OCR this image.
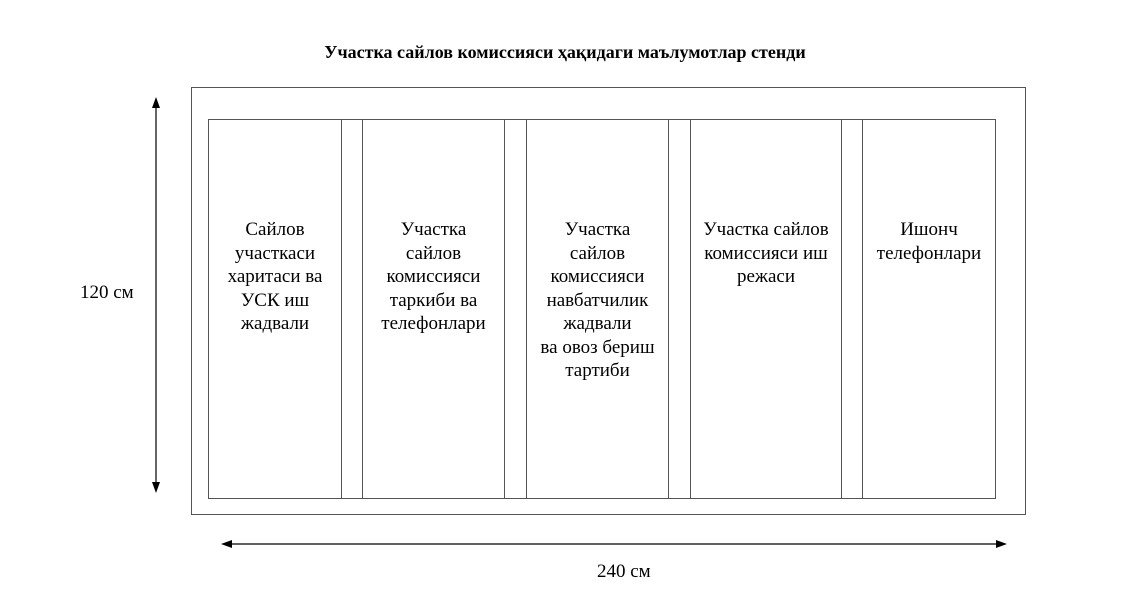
Участка сайлов комиссияси ҳақидаги маълумотлар стенди
Сайлов
участкаси
харитаси ва
УСК иш
жадвали
Участка
сайлов
комиссияси
таркиби ва
телефонлари
Участка
сайлов
комиссияси
навбатчилик
жадвали
ва овоз бериш
тартиби
Участка сайлов
комиссияси иш
режаси
Ишонч
телефонлари
120 см
240 см
